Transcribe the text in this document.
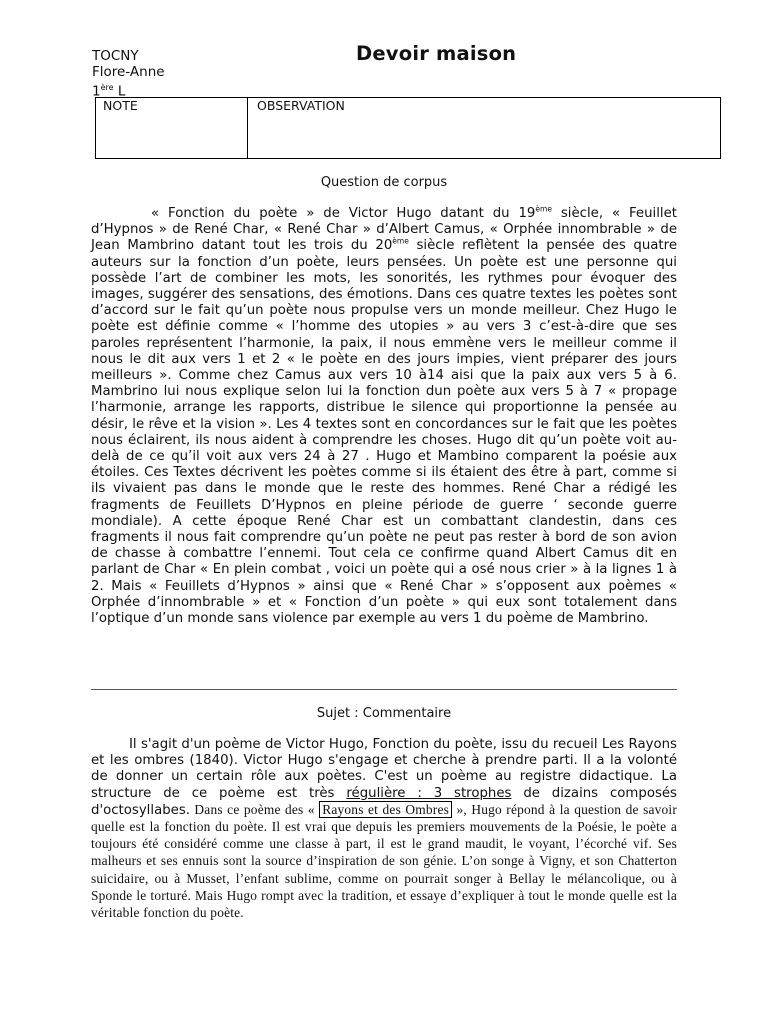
TOCNY
Flore-Anne
1ère L
Devoir maison
NOTE	OBSERVATION
Question de corpus
« Fonction du poète » de Victor Hugo datant du 19ème siècle, « Feuillet d’Hypnos » de René Char, « René Char » d’Albert Camus, « Orphée innombrable » de Jean Mambrino datant tout les trois du 20ème siècle reflètent la pensée des quatre auteurs sur la fonction d’un poète, leurs pensées. Un poète est une personne qui possède l’art de combiner les mots, les sonorités, les rythmes pour évoquer des images, suggérer des sensations, des émotions. Dans ces quatre textes les poètes sont d’accord sur le fait qu’un poète nous propulse vers un monde meilleur. Chez Hugo le poète est définie comme « l’homme des utopies » au vers 3 c’est-à-dire que ses paroles représentent l’harmonie, la paix, il nous emmène vers le meilleur comme il nous le dit aux vers 1 et 2 « le poète en des jours impies, vient préparer des jours meilleurs ». Comme chez Camus aux vers 10 à14 aisi que la paix aux vers 5 à 6. Mambrino lui nous explique selon lui la fonction dun poète aux vers 5 à 7 « propage l’harmonie, arrange les rapports, distribue le silence qui proportionne la pensée au désir, le rêve et la vision ». Les 4 textes sont en concordances sur le fait que les poètes nous éclairent, ils nous aident à comprendre les choses. Hugo dit qu’un poète voit au-delà de ce qu’il voit aux vers 24 à 27 . Hugo et Mambino comparent la poésie aux étoiles. Ces Textes décrivent les poètes comme si ils étaient des être à part, comme si ils vivaient pas dans le monde que le reste des hommes. René Char a rédigé les fragments de Feuillets D’Hypnos en pleine période de guerre ‘ seconde guerre mondiale). A cette époque René Char est un combattant clandestin, dans ces fragments il nous fait comprendre qu’un poète ne peut pas rester à bord de son avion de chasse à combattre l’ennemi. Tout cela ce confirme quand Albert Camus dit en parlant de Char « En plein combat , voici un poète qui a osé nous crier » à la lignes 1 à 2. Mais « Feuillets d’Hypnos » ainsi que « René Char » s’opposent aux poèmes « Orphée d’innombrable » et « Fonction d’un poète » qui eux sont totalement dans l’optique d’un monde sans violence par exemple au vers 1 du poème de Mambrino.
Sujet : Commentaire
Il s'agit d'un poème de Victor Hugo, Fonction du poète, issu du recueil Les Rayons et les ombres (1840). Victor Hugo s'engage et cherche à prendre parti. Il a la volonté de donner un certain rôle aux poètes. C'est un poème au registre didactique. La structure de ce poème est très régulière : 3 strophes de dizains composés d'octosyllabes. Dans ce poème des « Rayons et des Ombres », Hugo répond à la question de savoir quelle est la fonction du poète. Il est vrai que depuis les premiers mouvements de la Poésie, le poète a toujours été considéré comme une classe à part, il est le grand maudit, le voyant, l’écorché vif. Ses malheurs et ses ennuis sont la source d’inspiration de son génie. L’on songe à Vigny, et son Chatterton suicidaire, ou à Musset, l’enfant sublime, comme on pourrait songer à Bellay le mélancolique, ou à Sponde le torturé. Mais Hugo rompt avec la tradition, et essaye d’expliquer à tout le monde quelle est la véritable fonction du poète.
